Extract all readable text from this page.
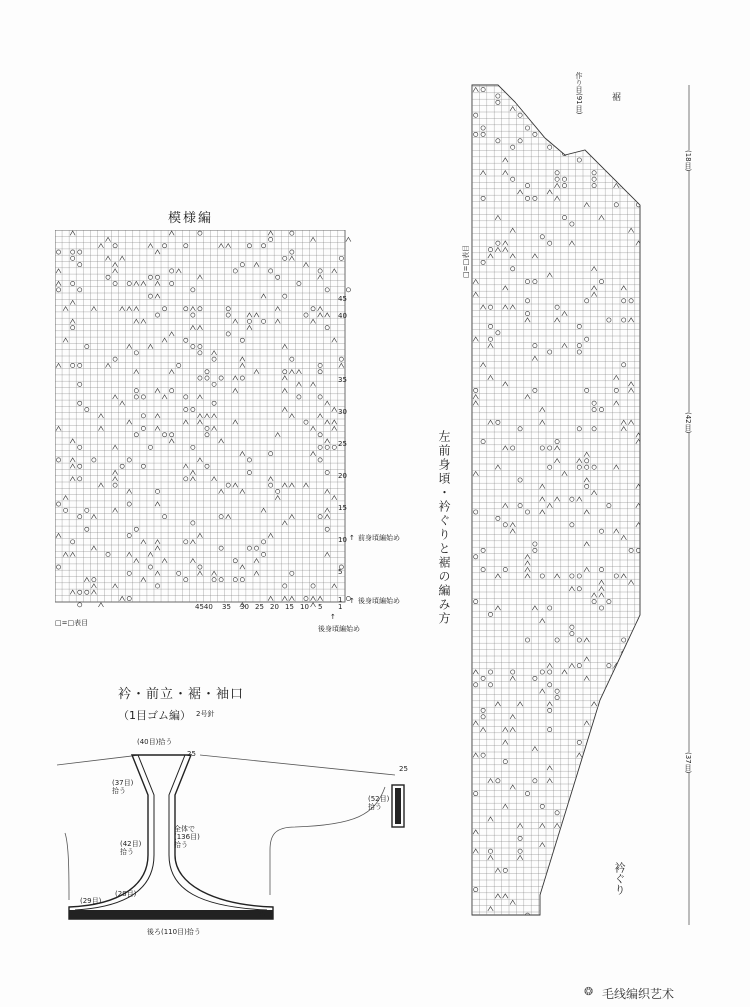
模様編
45
40
35
30
25
20
15
10
5
1
4540 35 30 25 20 15 10 5 1
↑ 前身頃編始め
↑ 後身頃編始め
↑
後身頃編始め
□=□表目
衿・前立・裾・袖口
（1目ゴム編） 2号針
(40目)拾う
25
(37目)拾う
(42目)拾う
全体で(136目)拾う
(29目)
(28目)
後ろ(110目)拾う
25
(52目)拾う
25
□=□表目
左前身頃・衿ぐりと裾の編み方
(18目)
(42目)
(37目)
裾
作り目(91目)
衿ぐり
❂ 毛线编织艺术
